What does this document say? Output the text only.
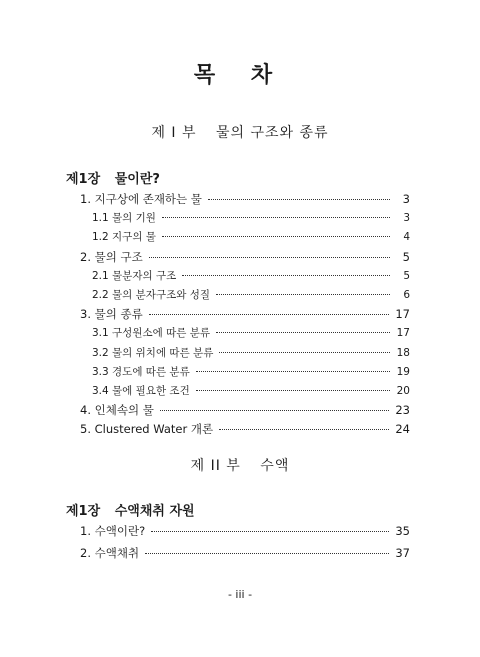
목 차
제 I 부 물의 구조와 종류
제1장 물이란?
1. 지구상에 존재하는 물	3
1.1 물의 기원	3
1.2 지구의 물	4
2. 물의 구조	5
2.1 물분자의 구조	5
2.2 물의 분자구조와 성질	6
3. 물의 종류	17
3.1 구성원소에 따른 분류	17
3.2 물의 위치에 따른 분류	18
3.3 경도에 따른 분류	19
3.4 물에 필요한 조건	20
4. 인체속의 물	23
5. Clustered Water 개론	24
제 II 부 수액
제1장 수액채취 자원
1. 수액이란?	35
2. 수액채취	37
- iii -
